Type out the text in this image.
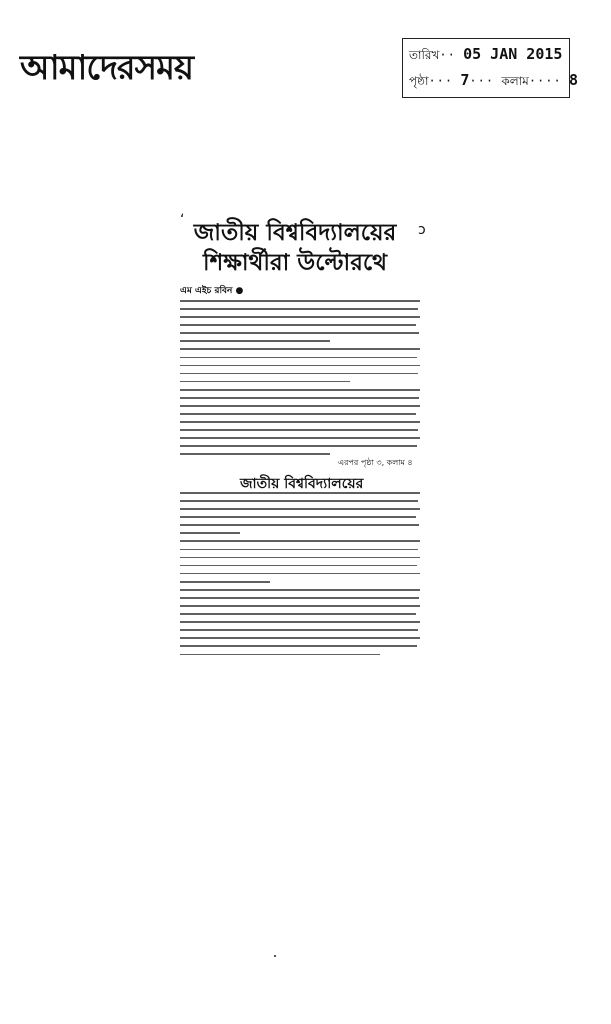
আমাদেরসময়	তারিখ·· 05 JAN 2015
পৃষ্ঠা··· 7··· কলাম···· 8
ʻ জাতীয় বিশ্ববিদ্যালয়ের
শিক্ষার্থীরা উল্টোরথে
ɔ
এম এইচ রবিন ●
এরপর পৃষ্ঠা ৩, কলাম ৪
জাতীয় বিশ্ববিদ্যালয়ের
